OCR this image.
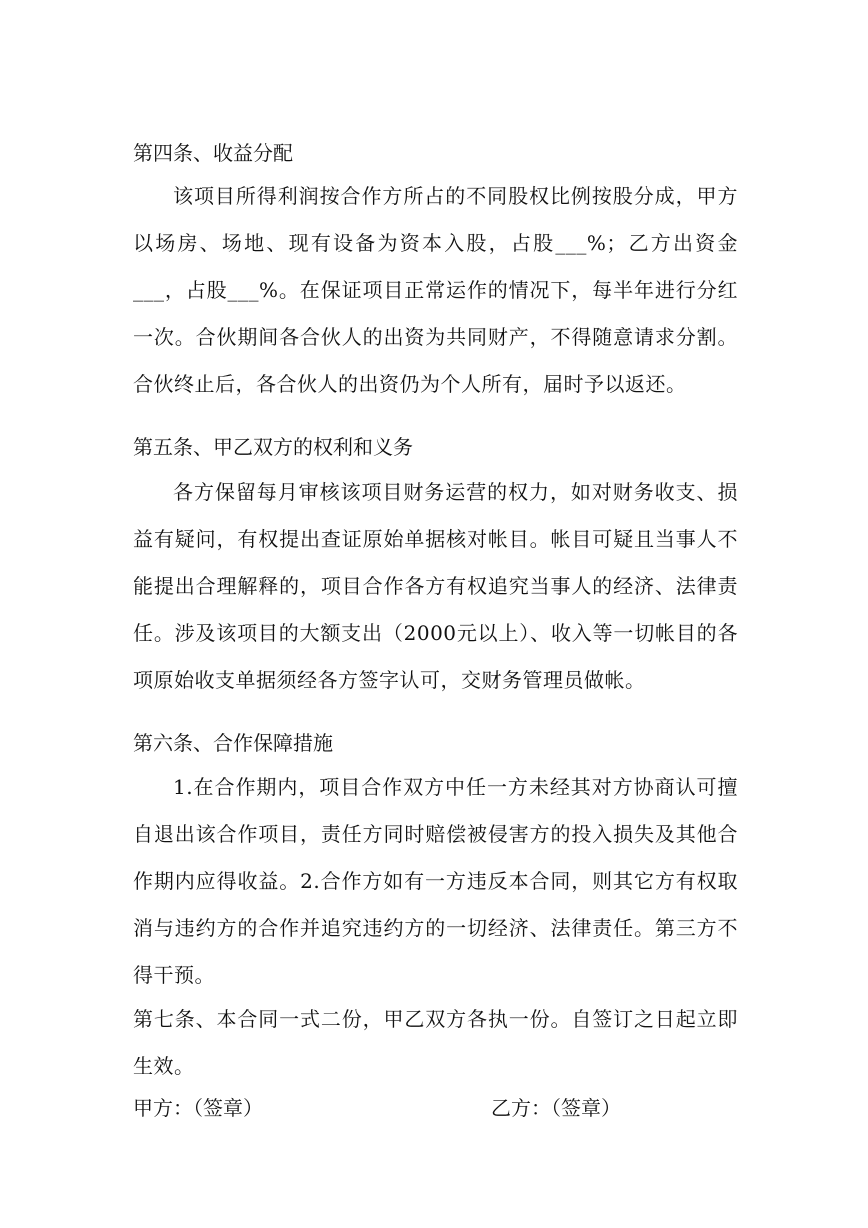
第四条、收益分配
该项目所得利润按合作方所占的不同股权比例按股分成，甲方以场房、场地、现有设备为资本入股，占股___%；乙方出资金___，占股___%。在保证项目正常运作的情况下，每半年进行分红一次。合伙期间各合伙人的出资为共同财产，不得随意请求分割。合伙终止后，各合伙人的出资仍为个人所有，届时予以返还。
第五条、甲乙双方的权利和义务
各方保留每月审核该项目财务运营的权力，如对财务收支、损益有疑问，有权提出查证原始单据核对帐目。帐目可疑且当事人不能提出合理解释的，项目合作各方有权追究当事人的经济、法律责任。涉及该项目的大额支出（2000元以上）、收入等一切帐目的各项原始收支单据须经各方签字认可，交财务管理员做帐。
第六条、合作保障措施
1.在合作期内，项目合作双方中任一方未经其对方协商认可擅自退出该合作项目，责任方同时赔偿被侵害方的投入损失及其他合作期内应得收益。2.合作方如有一方违反本合同，则其它方有权取消与违约方的合作并追究违约方的一切经济、法律责任。第三方不得干预。
第七条、本合同一式二份，甲乙双方各执一份。自签订之日起立即生效。
甲方：（签章）	乙方：（签章）
